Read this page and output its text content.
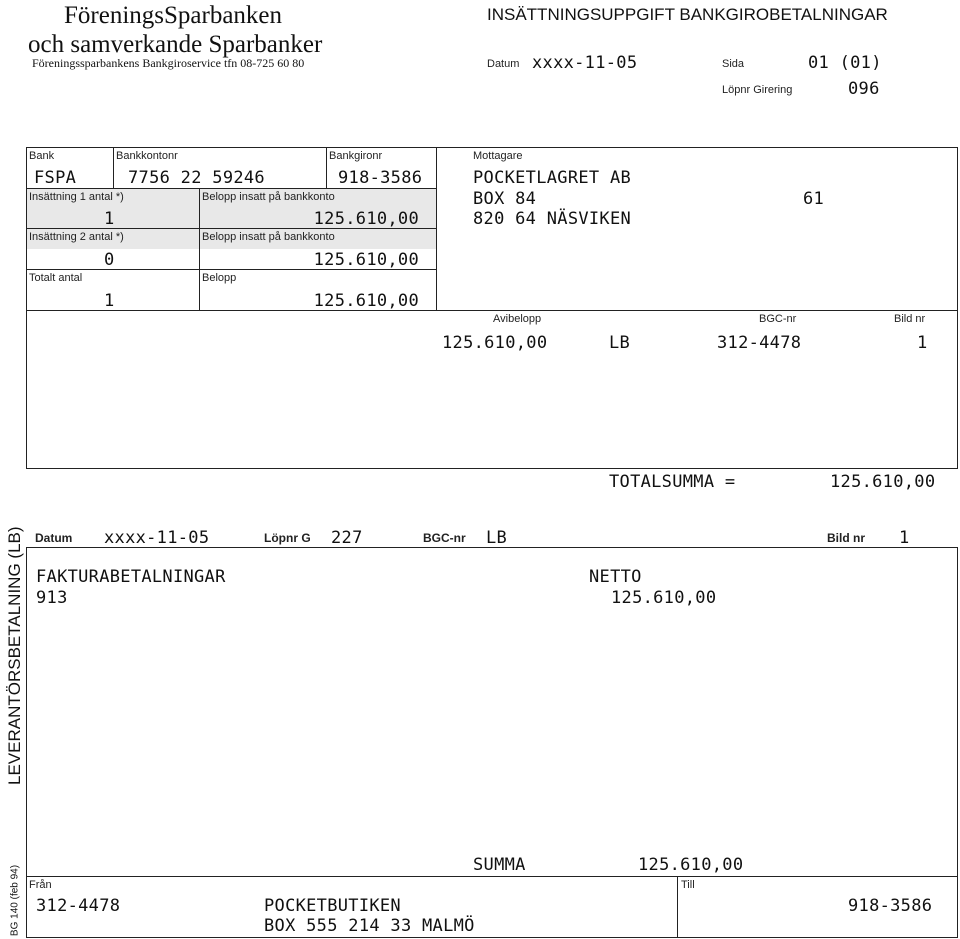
FöreningsSparbanken
och samverkande Sparbanker
Föreningssparbankens Bankgiroservice tfn 08-725 60 80
INSÄTTNINGSUPPGIFT BANKGIROBETALNINGAR
Datum xxxx-11-05	Sida	01 (01)
Löpnr Girering	096
Bank
FSPA
Bankkontonr
7756 22 59246
Bankgironr
918-3586
Insättning 1 antal *)
1
Belopp insatt på bankkonto
125.610,00
Insättning 2 antal *)
0
Belopp insatt på bankkonto
125.610,00
Totalt antal
1
Belopp
125.610,00
Mottagare
POCKETLAGRET AB
BOX 84	61
820 64 NÄSVIKEN
Avibelopp	BGC-nr	Bild nr
125.610,00	LB	312-4478	1
TOTALSUMMA =	125.610,00
Datum xxxx-11-05	Löpnr G 227	BGC-nr LB	Bild nr 1
LEVERANTÖRSBETALNING (LB)
BG 140 (feb 94)
FAKTURABETALNINGAR
913
NETTO
125.610,00
SUMMA	125.610,00
Från
312-4478	POCKETBUTIKEN
BOX 555 214 33 MALMÖ
Till
918-3586
